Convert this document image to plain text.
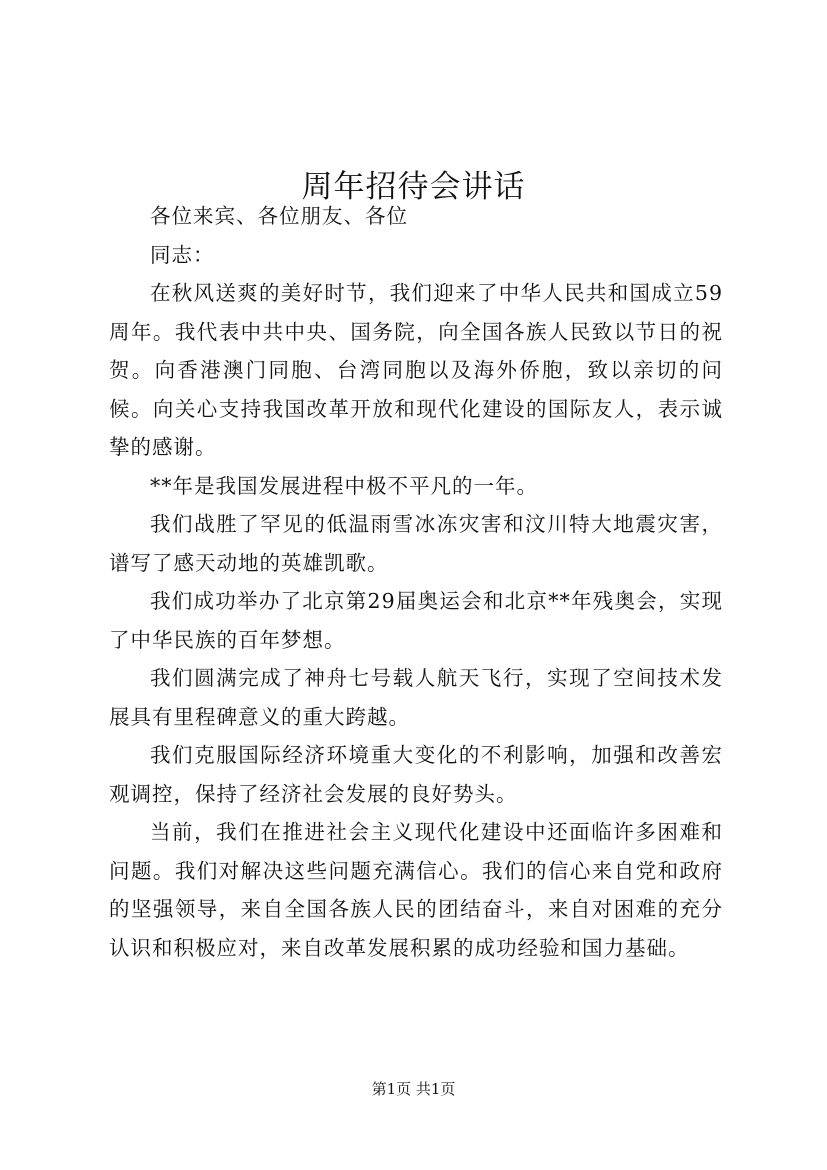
周年招待会讲话

各位来宾、各位朋友、各位

同志：

在秋风送爽的美好时节，我们迎来了中华人民共和国成立59周年。我代表中共中央、国务院，向全国各族人民致以节日的祝贺。向香港澳门同胞、台湾同胞以及海外侨胞，致以亲切的问候。向关心支持我国改革开放和现代化建设的国际友人，表示诚挚的感谢。

**年是我国发展进程中极不平凡的一年。

我们战胜了罕见的低温雨雪冰冻灾害和汶川特大地震灾害，谱写了感天动地的英雄凯歌。

我们成功举办了北京第29届奥运会和北京**年残奥会，实现了中华民族的百年梦想。

我们圆满完成了神舟七号载人航天飞行，实现了空间技术发展具有里程碑意义的重大跨越。

我们克服国际经济环境重大变化的不利影响，加强和改善宏观调控，保持了经济社会发展的良好势头。

当前，我们在推进社会主义现代化建设中还面临许多困难和问题。我们对解决这些问题充满信心。我们的信心来自党和政府的坚强领导，来自全国各族人民的团结奋斗，来自对困难的充分认识和积极应对，来自改革发展积累的成功经验和国力基础。

第1页 共1页
